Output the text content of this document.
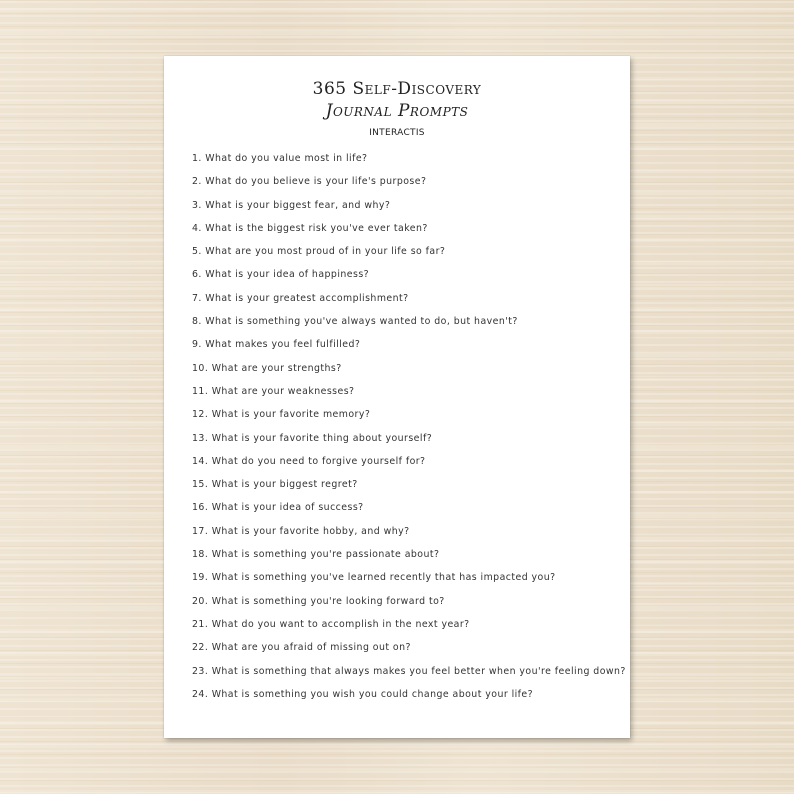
365 Self-Discovery
Journal Prompts
INTERACTIS
1. What do you value most in life?
2. What do you believe is your life's purpose?
3. What is your biggest fear, and why?
4. What is the biggest risk you've ever taken?
5. What are you most proud of in your life so far?
6. What is your idea of happiness?
7. What is your greatest accomplishment?
8. What is something you've always wanted to do, but haven't?
9. What makes you feel fulfilled?
10. What are your strengths?
11. What are your weaknesses?
12. What is your favorite memory?
13. What is your favorite thing about yourself?
14. What do you need to forgive yourself for?
15. What is your biggest regret?
16. What is your idea of success?
17. What is your favorite hobby, and why?
18. What is something you're passionate about?
19. What is something you've learned recently that has impacted you?
20. What is something you're looking forward to?
21. What do you want to accomplish in the next year?
22. What are you afraid of missing out on?
23. What is something that always makes you feel better when you're feeling down?
24. What is something you wish you could change about your life?
